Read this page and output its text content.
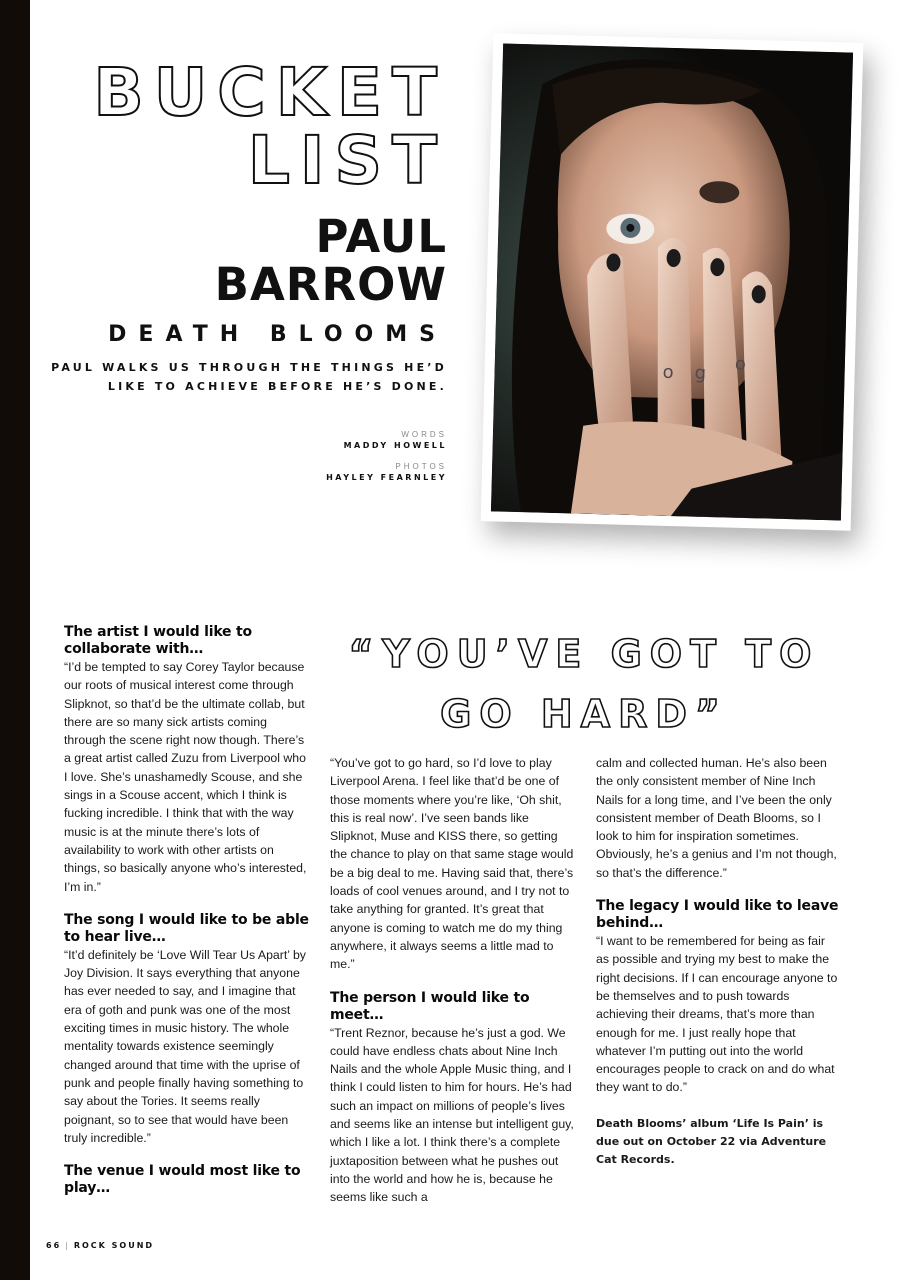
BUCKET
LIST
PAUL
BARROW
DEATH BLOOMS
PAUL WALKS US THROUGH THE THINGS HE’D LIKE TO ACHIEVE BEFORE HE’S DONE.
WORDS
MADDY HOWELL
PHOTOS
HAYLEY FEARNLEY
o g o
“YOU’VE GOT TO GO HARD”

The artist I would like to collaborate with…

“I’d be tempted to say Corey Taylor because our roots of musical interest come through Slipknot, so that’d be the ultimate collab, but there are so many sick artists coming through the scene right now though. There’s a great artist called Zuzu from Liverpool who I love. She’s unashamedly Scouse, and she sings in a Scouse accent, which I think is fucking incredible. I think that with the way music is at the minute there’s lots of availability to work with other artists on things, so basically anyone who’s interested, I’m in.”

The song I would like to be able to hear live…

“It’d definitely be ‘Love Will Tear Us Apart’ by Joy Division. It says everything that anyone has ever needed to say, and I imagine that era of goth and punk was one of the most exciting times in music history. The whole mentality towards existence seemingly changed around that time with the uprise of punk and people finally having something to say about the Tories. It seems really poignant, so to see that would have been truly incredible.”

The venue I would most like to play…

“You’ve got to go hard, so I’d love to play Liverpool Arena. I feel like that’d be one of those moments where you’re like, ‘Oh shit, this is real now’. I’ve seen bands like Slipknot, Muse and KISS there, so getting the chance to play on that same stage would be a big deal to me. Having said that, there’s loads of cool venues around, and I try not to take anything for granted. It’s great that anyone is coming to watch me do my thing anywhere, it always seems a little mad to me.”

The person I would like to meet…

“Trent Reznor, because he’s just a god. We could have endless chats about Nine Inch Nails and the whole Apple Music thing, and I think I could listen to him for hours. He’s had such an impact on millions of people’s lives and seems like an intense but intelligent guy, which I like a lot. I think there’s a complete juxtaposition between what he pushes out into the world and how he is, because he seems like such a

calm and collected human. He’s also been the only consistent member of Nine Inch Nails for a long time, and I’ve been the only consistent member of Death Blooms, so I look to him for inspiration sometimes. Obviously, he’s a genius and I’m not though, so that’s the difference.”

The legacy I would like to leave behind…

“I want to be remembered for being as fair as possible and trying my best to make the right decisions. If I can encourage anyone to be themselves and to push towards achieving their dreams, that’s more than enough for me. I just really hope that whatever I’m putting out into the world encourages people to crack on and do what they want to do.”

Death Blooms’ album ‘Life Is Pain’ is due out on October 22 via Adventure Cat Records.

66 | ROCK SOUND
